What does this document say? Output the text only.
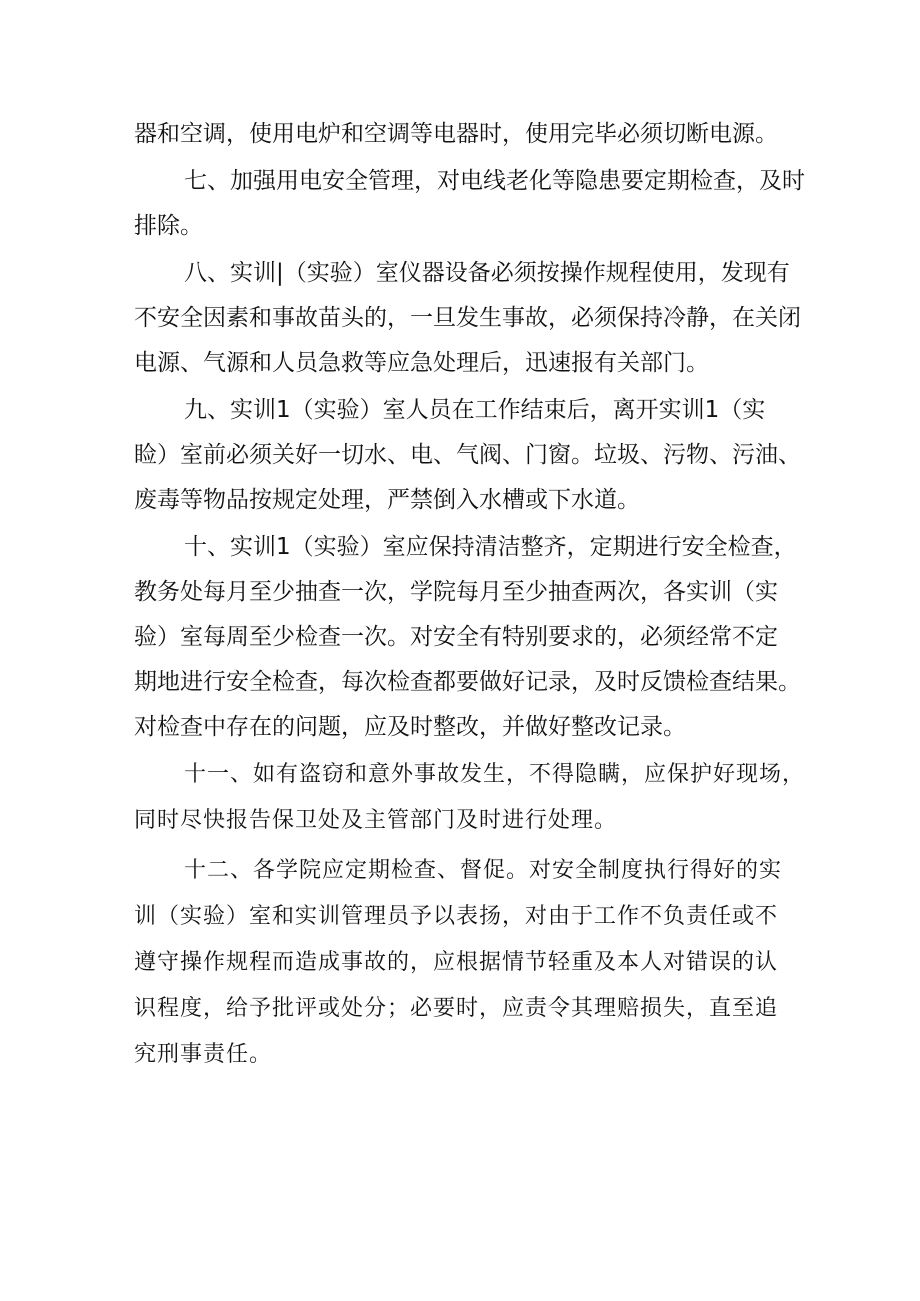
器和空调，使用电炉和空调等电器时，使用完毕必须切断电源。

七、加强用电安全管理，对电线老化等隐患要定期检查，及时
排除。

八、实训|（实验）室仪器设备必须按操作规程使用，发现有
不安全因素和事故苗头的，一旦发生事故，必须保持冷静，在关闭
电源、气源和人员急救等应急处理后，迅速报有关部门。

九、实训1（实验）室人员在工作结束后，离开实训1（实
睑）室前必须关好一切水、电、气阀、门窗。垃圾、污物、污油、
废毒等物品按规定处理，严禁倒入水槽或下水道。

十、实训1（实验）室应保持清洁整齐，定期进行安全检查，
教务处每月至少抽查一次，学院每月至少抽查两次，各实训（实
验）室每周至少检查一次。对安全有特别要求的，必须经常不定
期地进行安全检查，每次检查都要做好记录，及时反馈检查结果。
对检查中存在的问题，应及时整改，并做好整改记录。

十一、如有盗窃和意外事故发生，不得隐瞒，应保护好现场，
同时尽快报告保卫处及主管部门及时进行处理。

十二、各学院应定期检查、督促。对安全制度执行得好的实
训（实验）室和实训管理员予以表扬，对由于工作不负责任或不
遵守操作规程而造成事故的，应根据情节轻重及本人对错误的认
识程度，给予批评或处分；必要时，应责令其理赔损失，直至追
究刑事责任。
